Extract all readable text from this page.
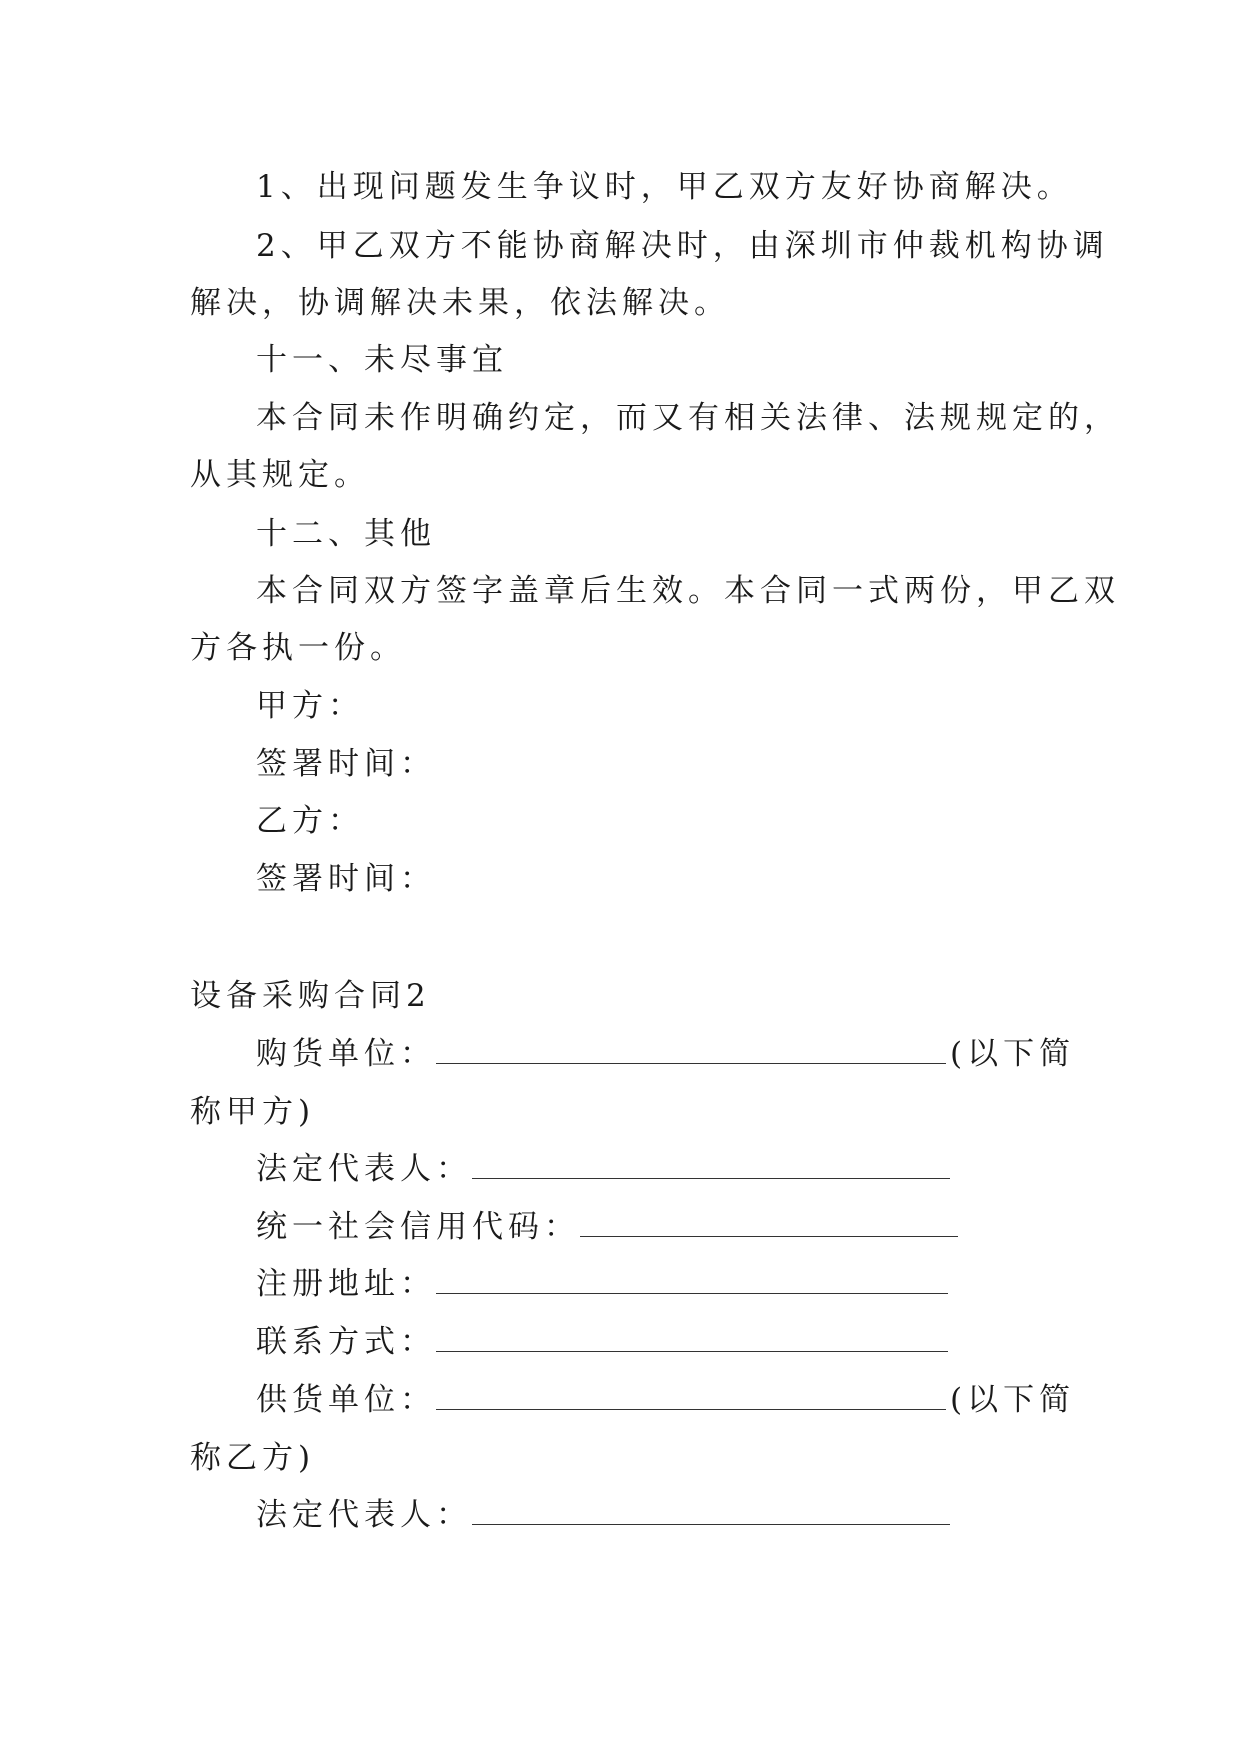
1、出现问题发生争议时，甲乙双方友好协商解决。
2、甲乙双方不能协商解决时，由深圳市仲裁机构协调
解决，协调解决未果，依法解决。
十一、未尽事宜
本合同未作明确约定，而又有相关法律、法规规定的，
从其规定。
十二、其他
本合同双方签字盖章后生效。本合同一式两份，甲乙双
方各执一份。
甲方：
签署时间：
乙方：
签署时间：
设备采购合同2
购货单位：	(以下简
称甲方)
法定代表人：
统一社会信用代码：
注册地址：
联系方式：
供货单位：	(以下简
称乙方)
法定代表人：
